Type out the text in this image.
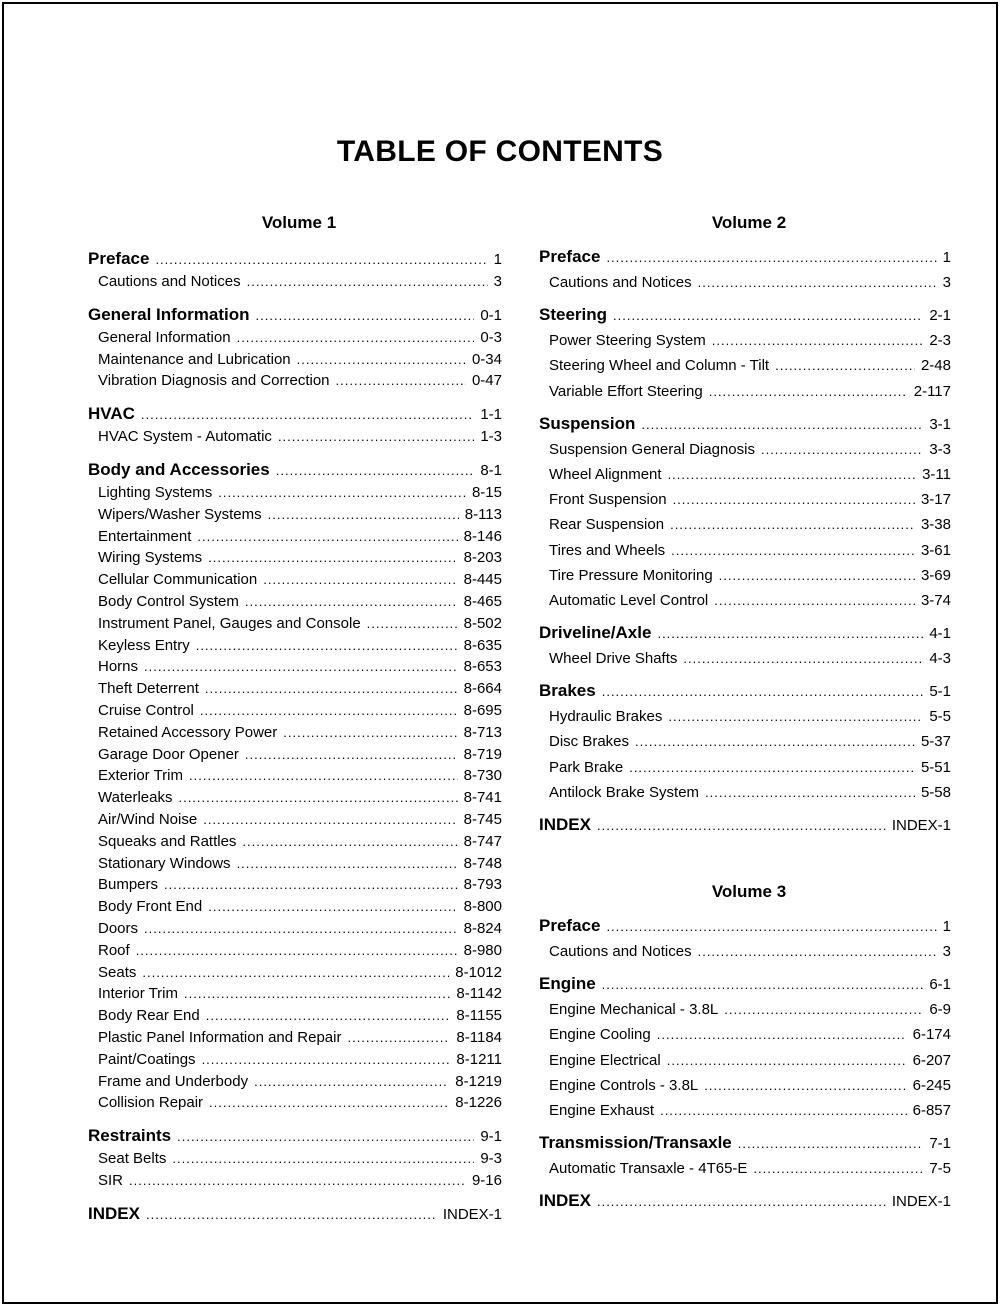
TABLE OF CONTENTS
Volume 1
Preface .....	1
Cautions and Notices .....	3
General Information .....	0-1
General Information .....	0-3
Maintenance and Lubrication .....	0-34
Vibration Diagnosis and Correction .....	0-47
HVAC .....	1-1
HVAC System - Automatic .....	1-3
Body and Accessories .....	8-1
Lighting Systems .....	8-15
Wipers/Washer Systems .....	8-113
Entertainment .....	8-146
Wiring Systems .....	8-203
Cellular Communication .....	8-445
Body Control System .....	8-465
Instrument Panel, Gauges and Console .....	8-502
Keyless Entry .....	8-635
Horns .....	8-653
Theft Deterrent .....	8-664
Cruise Control .....	8-695
Retained Accessory Power .....	8-713
Garage Door Opener .....	8-719
Exterior Trim .....	8-730
Waterleaks .....	8-741
Air/Wind Noise .....	8-745
Squeaks and Rattles .....	8-747
Stationary Windows .....	8-748
Bumpers .....	8-793
Body Front End .....	8-800
Doors .....	8-824
Roof .....	8-980
Seats .....	8-1012
Interior Trim .....	8-1142
Body Rear End .....	8-1155
Plastic Panel Information and Repair .....	8-1184
Paint/Coatings .....	8-1211
Frame and Underbody .....	8-1219
Collision Repair .....	8-1226
Restraints .....	9-1
Seat Belts .....	9-3
SIR .....	9-16
INDEX .....	INDEX-1
Volume 2
Preface .....	1
Cautions and Notices .....	3
Steering .....	2-1
Power Steering System .....	2-3
Steering Wheel and Column - Tilt .....	2-48
Variable Effort Steering .....	2-117
Suspension .....	3-1
Suspension General Diagnosis .....	3-3
Wheel Alignment .....	3-11
Front Suspension .....	3-17
Rear Suspension .....	3-38
Tires and Wheels .....	3-61
Tire Pressure Monitoring .....	3-69
Automatic Level Control .....	3-74
Driveline/Axle .....	4-1
Wheel Drive Shafts .....	4-3
Brakes .....	5-1
Hydraulic Brakes .....	5-5
Disc Brakes .....	5-37
Park Brake .....	5-51
Antilock Brake System .....	5-58
INDEX .....	INDEX-1
Volume 3
Preface .....	1
Cautions and Notices .....	3
Engine .....	6-1
Engine Mechanical - 3.8L .....	6-9
Engine Cooling .....	6-174
Engine Electrical .....	6-207
Engine Controls - 3.8L .....	6-245
Engine Exhaust .....	6-857
Transmission/Transaxle .....	7-1
Automatic Transaxle - 4T65-E .....	7-5
INDEX .....	INDEX-1
